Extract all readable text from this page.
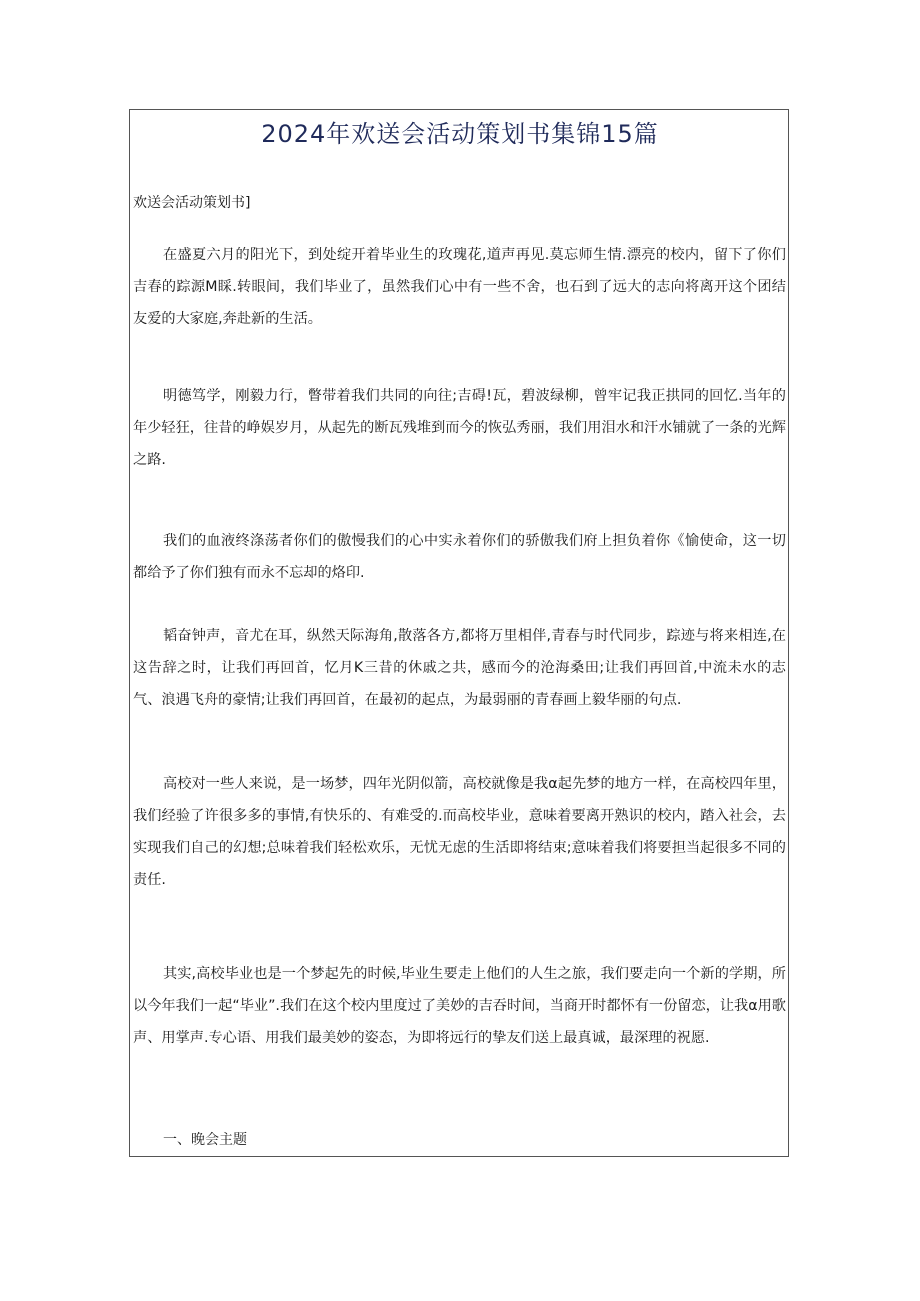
2024年欢送会活动策划书集锦15篇

欢送会活动策划书]

在盛夏六月的阳光下，到处绽开着毕业生的玫瑰花,道声再见.莫忘师生情.漂亮的校内，留下了你们吉春的踪源M睬.转眼间，我们毕业了，虽然我们心中有一些不舍，也石到了远大的志向将离开这个团结友爱的大家庭,奔赴新的生活。

明德笃学，刚毅力行，瞥带着我们共同的向往;吉碍!瓦，碧波绿柳，曾牢记我正拱同的回忆.当年的年少轻狂，往昔的峥娱岁月，从起先的断瓦残堆到而今的恢弘秀丽，我们用泪水和汗水铺就了一条的光辉之路.

我们的血液终涤荡者你们的傲慢我们的心中实永着你们的骄傲我们府上担负着你《愉使命，这一切都给予了你们独有而永不忘却的烙印.

韬奋钟声，音尤在耳，纵然天际海角,散落各方,都将万里相伴,青春与时代同步，踪迹与将来相连,在这告辞之时，让我们再回首，忆月K三昔的休戚之共，感而今的沧海桑田;让我们再回首,中流未水的志气、浪遇飞舟的豪情;让我们再回首，在最初的起点，为最弱丽的青春画上毅华丽的句点.

高校对一些人来说，是一场梦，四年光阴似箭，高校就像是我α起先梦的地方一样，在高校四年里，我们经验了许很多多的事情,有快乐的、有难受的.而高校毕业，意味着要离开熟识的校内，踏入社会，去实现我们自己的幻想;总味着我们轻松欢乐，无忧无虑的生活即将结束;意味着我们将要担当起很多不同的责任.

其实,高校毕业也是一个梦起先的时候,毕业生要走上他们的人生之旅，我们要走向一个新的学期，所以今年我们一起“毕业”.我们在这个校内里度过了美妙的吉吞时间，当商开时都怀有一份留恋，让我α用歌声、用掌声.专心语、用我们最美妙的姿态，为即将远行的挚友们送上最真诚，最深理的祝愿.

一、晚会主题
